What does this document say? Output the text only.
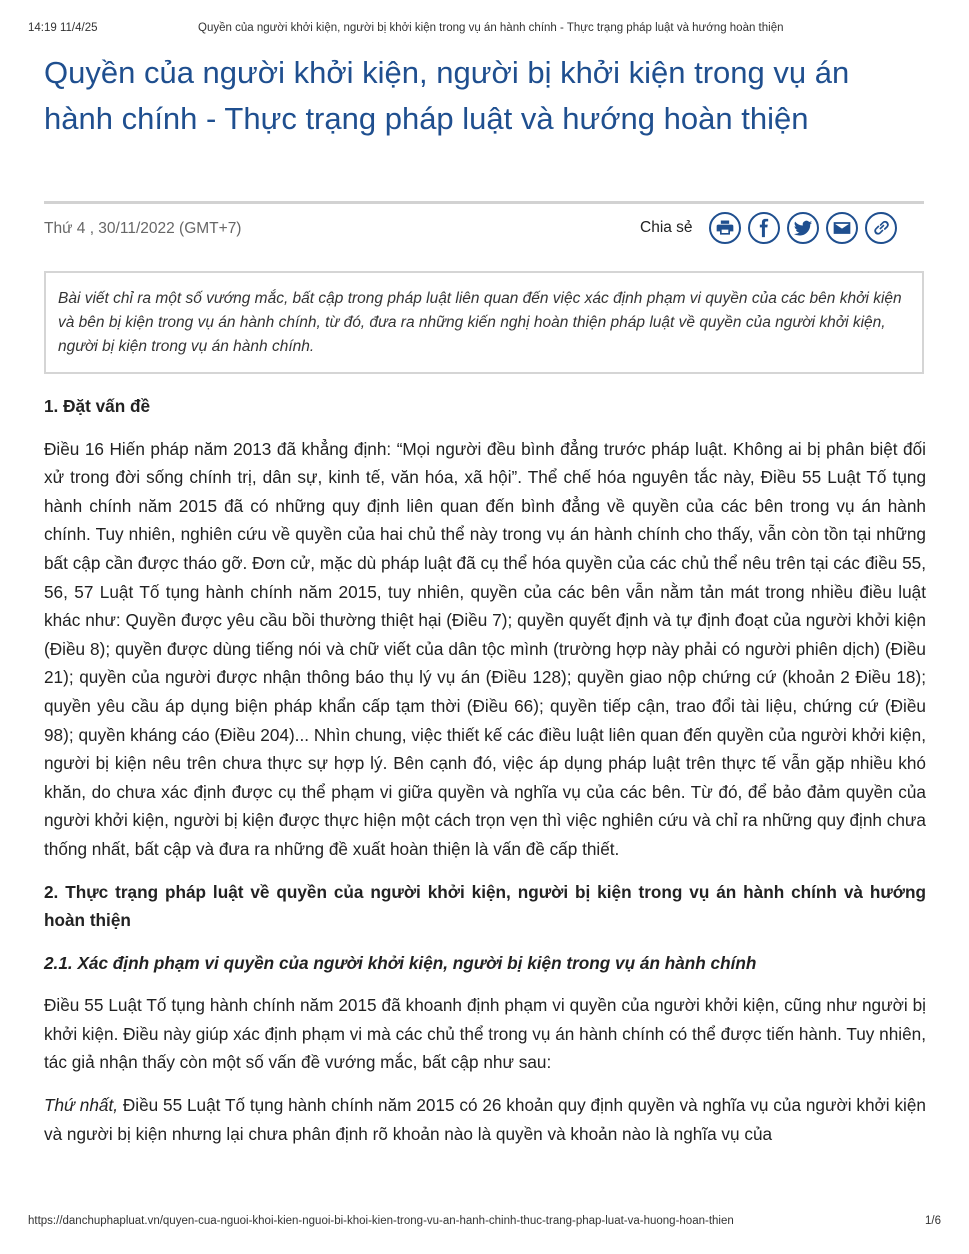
14:19 11/4/25	Quyền của người khởi kiện, người bị khởi kiện trong vụ án hành chính - Thực trạng pháp luật và hướng hoàn thiện
Quyền của người khởi kiện, người bị khởi kiện trong vụ án hành chính - Thực trạng pháp luật và hướng hoàn thiện
Thứ 4 , 30/11/2022 (GMT+7)	Chia sẻ
Bài viết chỉ ra một số vướng mắc, bất cập trong pháp luật liên quan đến việc xác định phạm vi quyền của các bên khởi kiện và bên bị kiện trong vụ án hành chính, từ đó, đưa ra những kiến nghị hoàn thiện pháp luật về quyền của người khởi kiện, người bị kiện trong vụ án hành chính.

1. Đặt vấn đề

Điều 16 Hiến pháp năm 2013 đã khẳng định: “Mọi người đều bình đẳng trước pháp luật. Không ai bị phân biệt đối xử trong đời sống chính trị, dân sự, kinh tế, văn hóa, xã hội”. Thể chế hóa nguyên tắc này, Điều 55 Luật Tố tụng hành chính năm 2015 đã có những quy định liên quan đến bình đẳng về quyền của các bên trong vụ án hành chính. Tuy nhiên, nghiên cứu về quyền của hai chủ thể này trong vụ án hành chính cho thấy, vẫn còn tồn tại những bất cập cần được tháo gỡ. Đơn cử, mặc dù pháp luật đã cụ thể hóa quyền của các chủ thể nêu trên tại các điều 55, 56, 57 Luật Tố tụng hành chính năm 2015, tuy nhiên, quyền của các bên vẫn nằm tản mát trong nhiều điều luật khác như: Quyền được yêu cầu bồi thường thiệt hại (Điều 7); quyền quyết định và tự định đoạt của người khởi kiện (Điều 8); quyền được dùng tiếng nói và chữ viết của dân tộc mình (trường hợp này phải có người phiên dịch) (Điều 21); quyền của người được nhận thông báo thụ lý vụ án (Điều 128); quyền giao nộp chứng cứ (khoản 2 Điều 18); quyền yêu cầu áp dụng biện pháp khẩn cấp tạm thời (Điều 66); quyền tiếp cận, trao đổi tài liệu, chứng cứ (Điều 98); quyền kháng cáo (Điều 204)... Nhìn chung, việc thiết kế các điều luật liên quan đến quyền của người khởi kiện, người bị kiện nêu trên chưa thực sự hợp lý. Bên cạnh đó, việc áp dụng pháp luật trên thực tế vẫn gặp nhiều khó khăn, do chưa xác định được cụ thể phạm vi giữa quyền và nghĩa vụ của các bên. Từ đó, để bảo đảm quyền của người khởi kiện, người bị kiện được thực hiện một cách trọn vẹn thì việc nghiên cứu và chỉ ra những quy định chưa thống nhất, bất cập và đưa ra những đề xuất hoàn thiện là vấn đề cấp thiết.

2. Thực trạng pháp luật về quyền của người khởi kiện, người bị kiện trong vụ án hành chính và hướng hoàn thiện

2.1. Xác định phạm vi quyền của người khởi kiện, người bị kiện trong vụ án hành chính

Điều 55 Luật Tố tụng hành chính năm 2015 đã khoanh định phạm vi quyền của người khởi kiện, cũng như người bị khởi kiện. Điều này giúp xác định phạm vi mà các chủ thể trong vụ án hành chính có thể được tiến hành. Tuy nhiên, tác giả nhận thấy còn một số vấn đề vướng mắc, bất cập như sau:

Thứ nhất, Điều 55 Luật Tố tụng hành chính năm 2015 có 26 khoản quy định quyền và nghĩa vụ của người khởi kiện và người bị kiện nhưng lại chưa phân định rõ khoản nào là quyền và khoản nào là nghĩa vụ của

https://danchuphapluat.vn/quyen-cua-nguoi-khoi-kien-nguoi-bi-khoi-kien-trong-vu-an-hanh-chinh-thuc-trang-phap-luat-va-huong-hoan-thien	1/6
